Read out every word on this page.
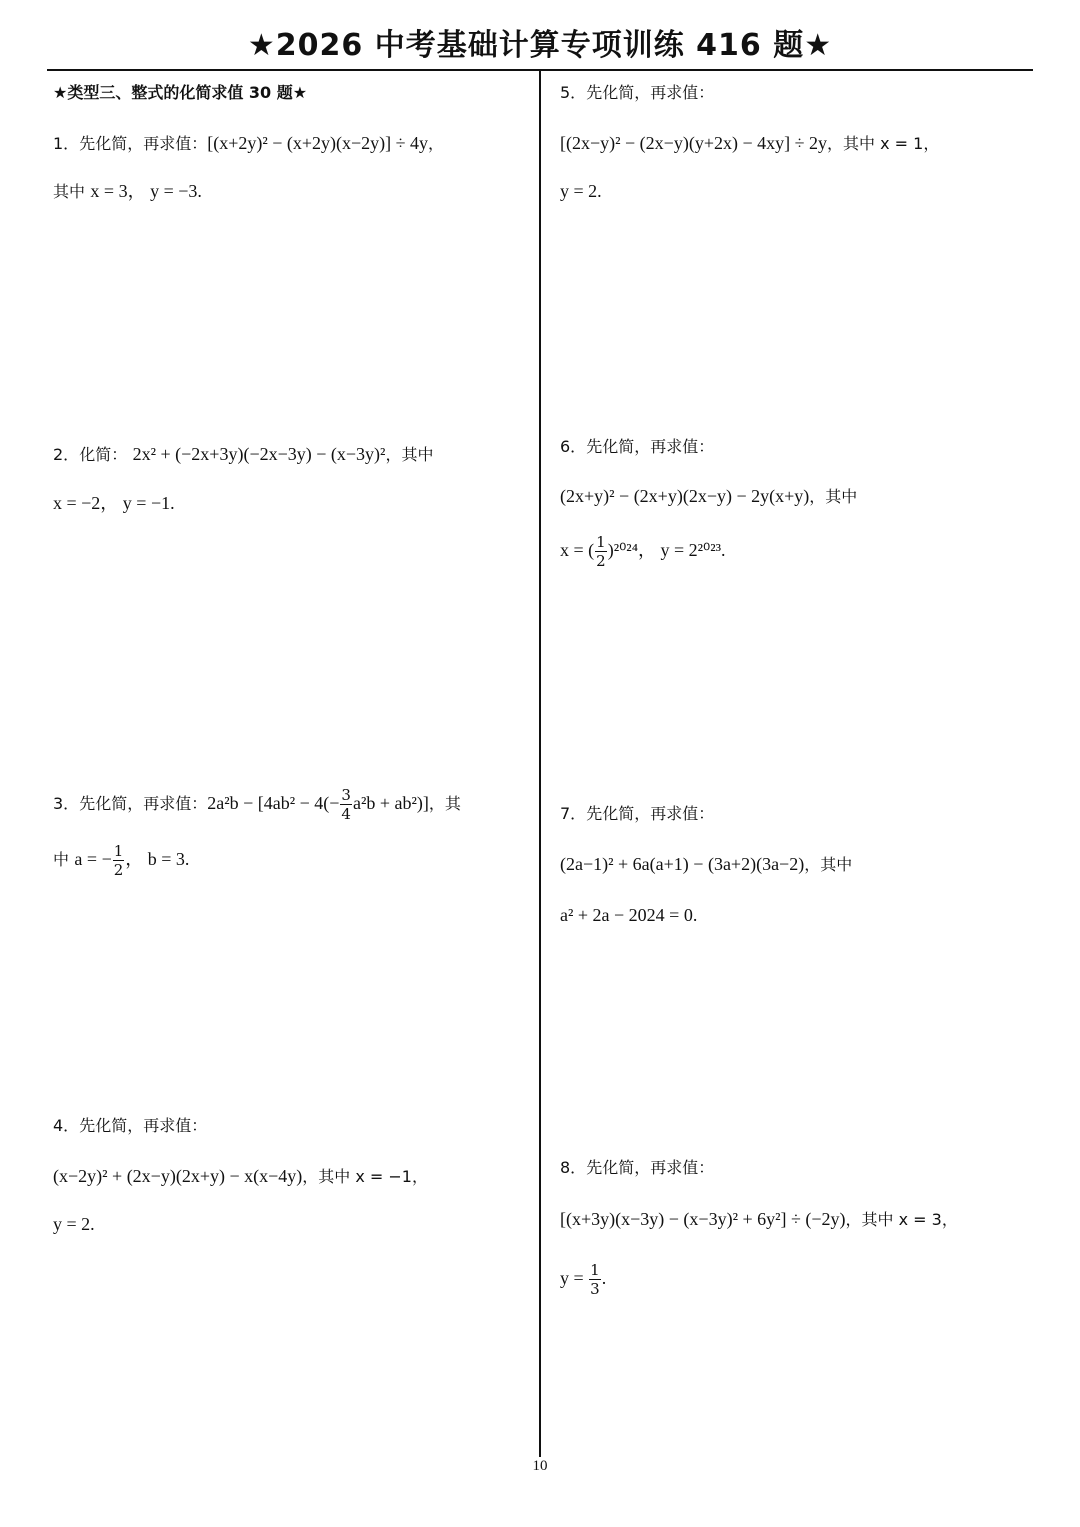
★2026 中考基础计算专项训练 416 题★
★类型三、整式的化简求值 30 题★
1．先化简，再求值：[(x+2y)² − (x+2y)(x−2y)] ÷ 4y，
其中 x = 3， y = −3.
2．化简： 2x² + (−2x+3y)(−2x−3y) − (x−3y)²，其中
x = −2， y = −1.
3．先化简，再求值：$2a^2b - [4ab^2 - 4(- \frac{3}{4} a^2b + ab^2)]$，其
中 a = − $\frac{1}{2}$ ， b = 3.
4．先化简，再求值：
(x−2y)² + (2x−y)(2x+y) − x(x−4y)，其中 x = −1，
y = 2.
5．先化简，再求值：
[(2x−y)² − (2x−y)(y+2x) − 4xy] ÷ 2y，其中 x = 1，
y = 2.
6．先化简，再求值：
(2x+y)² − (2x+y)(2x−y) − 2y(x+y)，其中
x = ( $\frac{1}{2} )^{2024}$， y = 2²⁰²³.
7．先化简，再求值：
(2a−1)² + 6a(a+1) − (3a+2)(3a−2)，其中
a² + 2a − 2024 = 0.
8．先化简，再求值：
[(x+3y)(x−3y) − (x−3y)² + 6y²] ÷ (−2y)，其中 x = 3，
$y = \frac{1}{3}$ .
10
